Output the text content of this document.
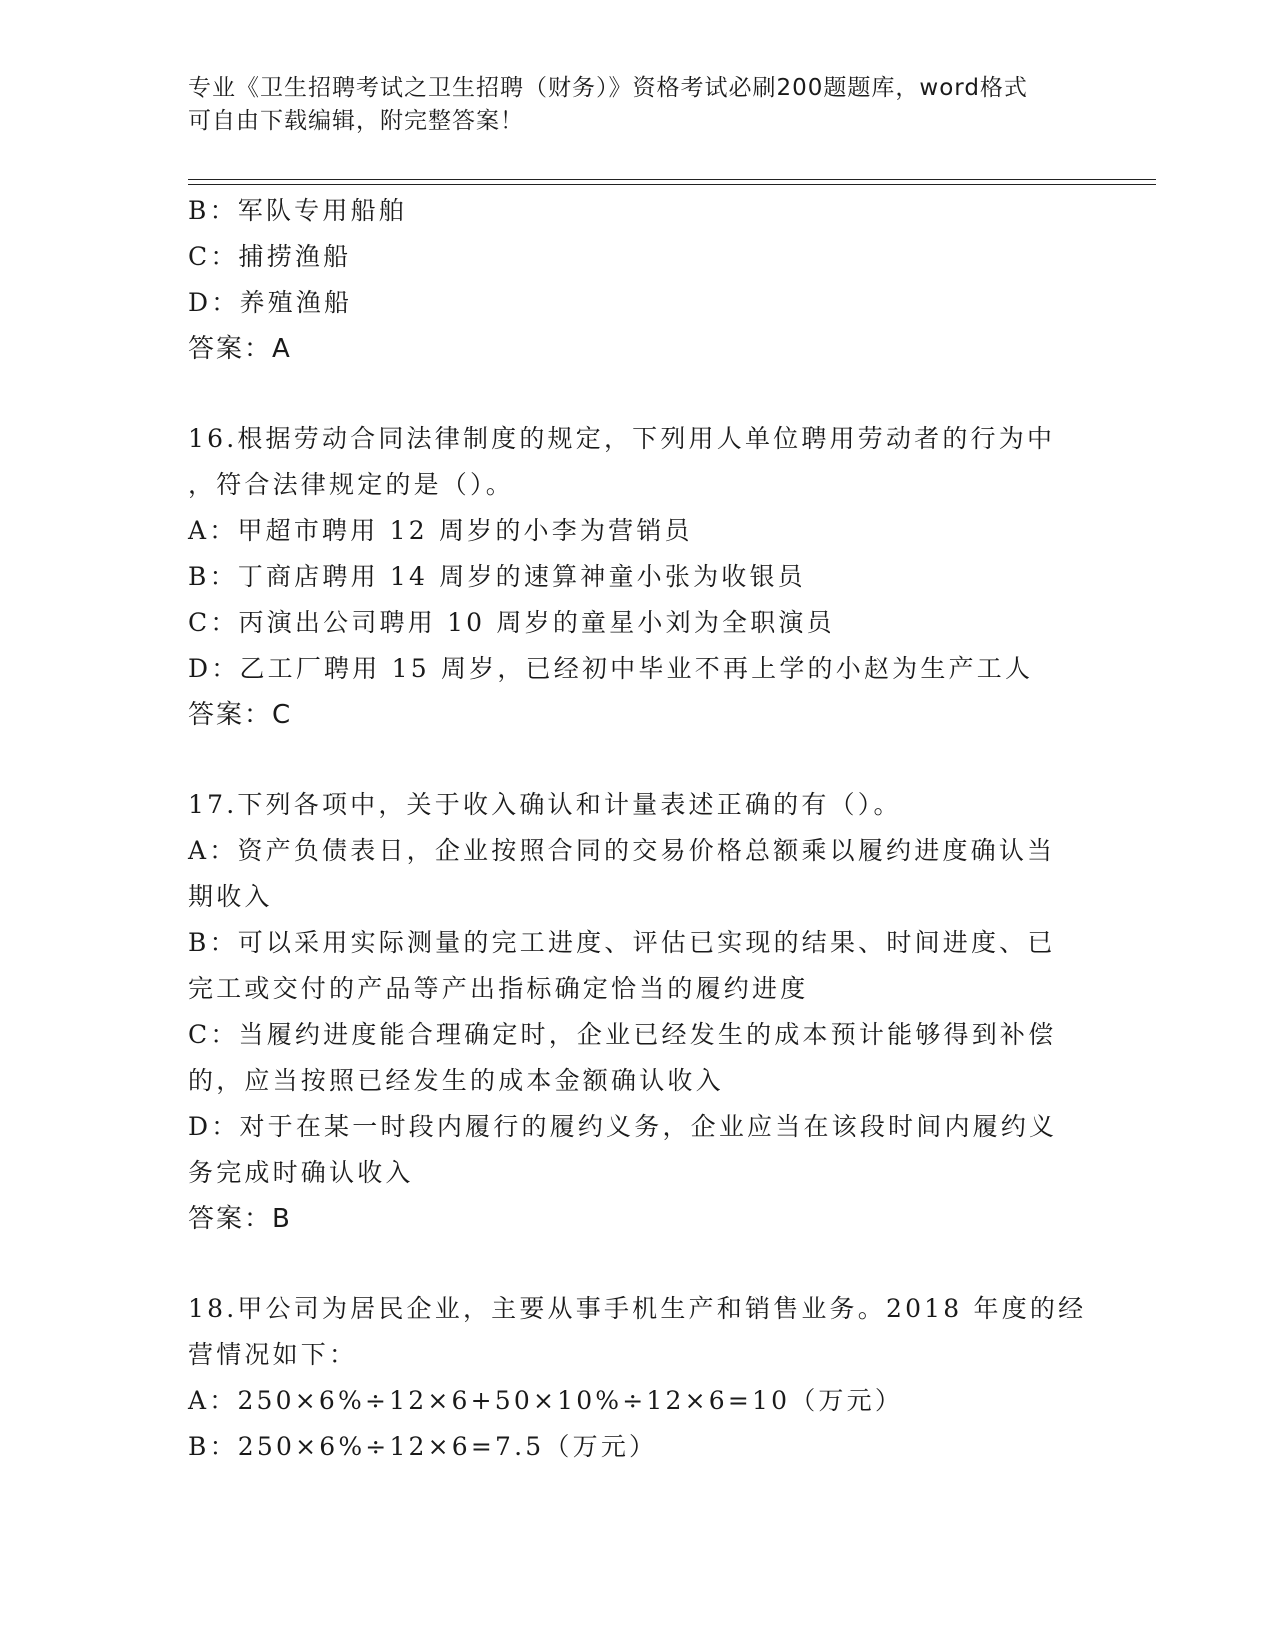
专业《卫生招聘考试之卫生招聘（财务）》资格考试必刷200题题库，word格式
可自由下载编辑，附完整答案！
B：军队专用船舶
C：捕捞渔船
D：养殖渔船
答案：A
16.根据劳动合同法律制度的规定，下列用人单位聘用劳动者的行为中
，符合法律规定的是（）。
A：甲超市聘用 12 周岁的小李为营销员
B：丁商店聘用 14 周岁的速算神童小张为收银员
C：丙演出公司聘用 10 周岁的童星小刘为全职演员
D：乙工厂聘用 15 周岁，已经初中毕业不再上学的小赵为生产工人
答案：C
17.下列各项中，关于收入确认和计量表述正确的有（）。
A：资产负债表日，企业按照合同的交易价格总额乘以履约进度确认当
期收入
B：可以采用实际测量的完工进度、评估已实现的结果、时间进度、已
完工或交付的产品等产出指标确定恰当的履约进度
C：当履约进度能合理确定时，企业已经发生的成本预计能够得到补偿
的，应当按照已经发生的成本金额确认收入
D：对于在某一时段内履行的履约义务，企业应当在该段时间内履约义
务完成时确认收入
答案：B
18.甲公司为居民企业，主要从事手机生产和销售业务。2018 年度的经
营情况如下：
A：250×6%÷12×6+50×10%÷12×6=10（万元）
B：250×6%÷12×6=7.5（万元）
